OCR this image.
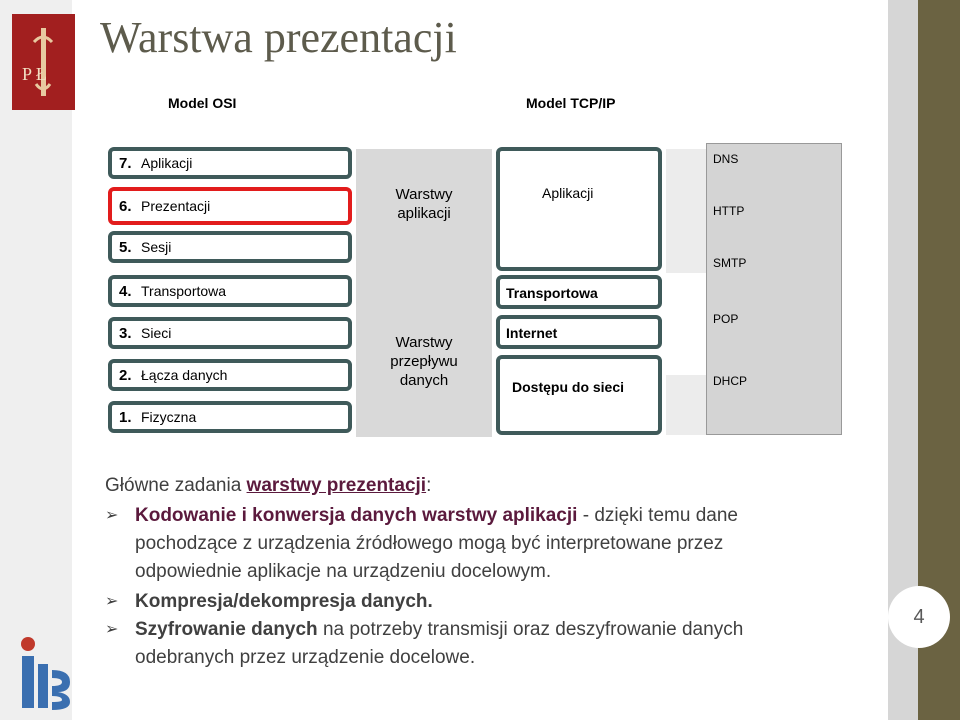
P Ł
Warstwa prezentacji
Model OSI	Model TCP/IP
7. Aplikacji
6. Prezentacji
5. Sesji
4. Transportowa
3. Sieci
2. Łącza danych
1. Fizyczna
Warstwy
aplikacji
Warstwy
przepływu
danych
Aplikacji
Transportowa
Internet
Dostępu do sieci
DNS
HTTP
SMTP
POP
DHCP
Główne zadania warstwy prezentacji:
➢ Kodowanie i konwersja danych warstwy aplikacji - dzięki temu dane
pochodzące z urządzenia źródłowego mogą być interpretowane przez
odpowiednie aplikacje na urządzeniu docelowym.
➢ Kompresja/dekompresja danych.
➢ Szyfrowanie danych na potrzeby transmisji oraz deszyfrowanie danych
odebranych przez urządzenie docelowe.
4
